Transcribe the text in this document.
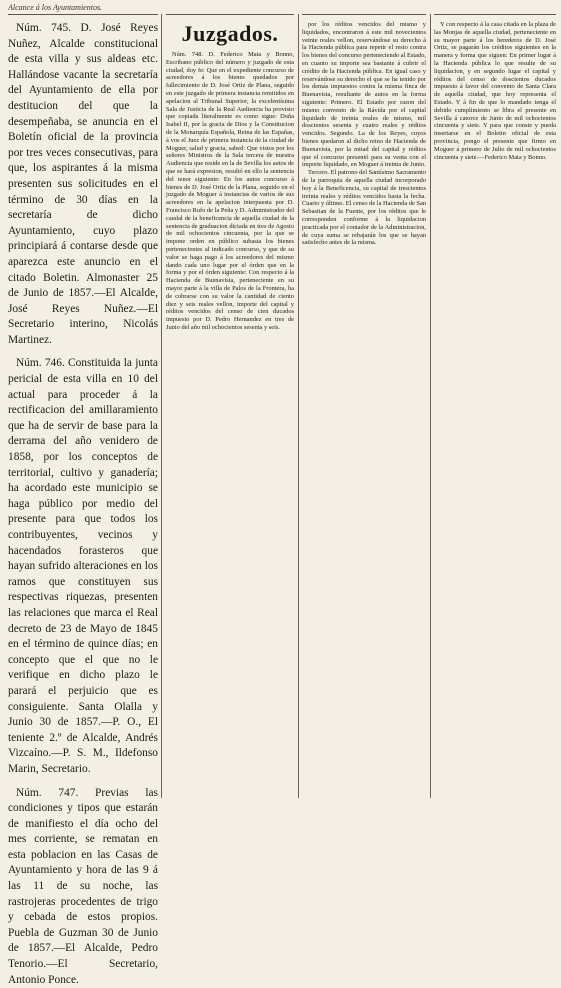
Alcance á los Ayuntamientos.

Núm. 745. D. José Reyes Nuñez, Alcalde constitucional de esta villa y sus aldeas etc. Hallándose vacante la secretaría del Ayuntamiento de ella por destitucion del que la desempeñaba, se anuncia en el Boletín oficial de la provincia por tres veces consecutivas, para que, los aspirantes á la misma presenten sus solicitudes en el término de 30 días en la secretaría de dicho Ayuntamiento, cuyo plazo principiará á contarse desde que aparezca este anuncio en el citado Boletin. Almonaster 25 de Junio de 1857.—El Alcalde, José Reyes Nuñez.—El Secretario interino, Nicolás Martinez.

Núm. 746. Constituida la junta pericial de esta villa en 10 del actual para proceder á la rectificacion del amillaramiento que ha de servir de base para la derrama del año venidero de 1858, por los conceptos de territorial, cultivo y ganadería; ha acordado este municipio se haga público por medio del presente para que todos los contribuyentes, vecinos y hacendados forasteros que hayan sufrido alteraciones en los ramos que constituyen sus respectivas riquezas, presenten las relaciones que marca el Real decreto de 23 de Mayo de 1845 en el término de quince días; en concepto que el que no le verifique en dicho plazo le parará el perjuicio que es consiguiente. Santa Olalla y Junio 30 de 1857.—P. O., El teniente 2.º de Alcalde, Andrés Vizcaíno.—P. S. M., Ildefonso Marin, Secretario.

Núm. 747. Previas las condiciones y tipos que estarán de manifiesto el día ocho del mes corriente, se rematan en esta poblacion en las Casas de Ayuntamiento y hora de las 9 á las 11 de su noche, las rastrojeras procedentes de trigo y cebada de estos propios. Puebla de Guzman 30 de Junio de 1857.—El Alcalde, Pedro Tenorio.—El Secretario, Antonio Ponce.

Juzgados.

Núm. 748. D. Federico Mata y Bonno, Escribano público del número y juzgado de esta ciudad, doy fe: Que en el expediente concurso de acreedores á los bienes quedados por fallecimiento de D. José Ortiz de Plana, seguido en este juzgado de primera instancia remitidos en apelacion al Tribunal Superior, la excelentísima Sala de Justicia de la Real Audiencia ha provisto que copiada literalmente es como sigue: Doña Isabel II, por la gracia de Dios y la Constitucion de la Monarquía Española, Reina de las Españas, á vos el Juez de primera instancia de la ciudad de Moguer, salud y gracia, sabed: Que vistos por los señores Ministros de la Sala tercera de nuestra Audiencia que reside en la de Sevilla los autos de que se hará expresion, resultó en ello la sentencia del tenor siguiente: En los autos concurso á bienes de D. José Ortiz de la Plana, seguido en el juzgado de Moguer á instancias de varios de sus acreedores en la apelacion interpuesta por D. Francisco Rufo de la Peña y D. Administrador del caudal de la beneficencia de aquella ciudad de la sentencia de graduacion dictada en tres de Agosto de mil ochocientos cincuenta, por la que se impone orden en público subasta los bienes pertenecientes al indicado concurso, y que de su valor se haga pago á los acreedores del mismo dando cada uno lugar por el órden que en la forma y por el órden siguiente: Con respecto á la Hacienda de Buenavista, perteneciente en su mayor parte á la villa de Palos de la Frontera, ha de cobrarse con su valor la cantidad de ciento diez y seis reales vellon, importe del capital y réditos vencidos del censo de cien ducados impuesto por D. Pedro Hernandez en tres de Junio del año mil ochocientos sesenta y seis.

por los réditos vencidos del mismo y liquidados, encontraron á este mil novecientos veinte reales vellon, reservándose su derecho á la Hacienda pública para repetir el resto contra los bienes del concurso perteneciendo al Estado, en cuanto su importe sea bastante á cubrir el crédito de la Hacienda pública. En igual caso y reservándose su derecho el que se ha tenido por los demás impuestos contra la misma finca de Buenavista, resultante de autos en la forma siguiente: Primero. El Estado por razon del mismo convento de la Rávida por el capital liquidado de treinta reales de mismo, mil doscientos sesenta y cuatro reales y réditos vencidos. Segundo. La de los Reyes, cuyos bienes quedaron al dicho reino de Hacienda de Buenavista, por la mitad del capital y réditos que el concurso presentó para su venta con el importe liquidado, en Moguer á treinta de Junio.

Tercero. El patrono del Santísimo Sacramento de la parroquia de aquella ciudad incorporado hoy á la Beneficencia, su capital de trescientos treinta reales y réditos vencidos hasta la fecha. Cuarto y último. El censo de la Hacienda de San Sebastian de la Fuente, por los réditos que le corresponden conforme á la liquidacion practicada por el contador de la Administracion, de cuya suma se rebajarán los que se hayan satisfecho antes de la misma.

Y con respecto á la casa citada en la plaza de las Monjas de aquella ciudad, perteneciente en su mayor parte á los herederos de D. José Ortiz, se pagarán los créditos siguientes en la manera y forma que siguen: En primer lugar á la Hacienda pública lo que resulte de su liquidacion, y en segundo lugar el capital y réditos del censo de doscientos ducados impuesto á favor del convento de Santa Clara de aquella ciudad, que hoy representa el Estado. Y á fin de que lo mandado tenga el debido cumplimiento se libra el presente en Sevilla á catorce de Junio de mil ochocientos cincuenta y siete. Y para que conste y pueda insertarse en el Boletin oficial de esta provincia, pongo el presente que firmo en Moguer á primero de Julio de mil ochocientos cincuenta y siete.—Federico Mata y Bonno.
